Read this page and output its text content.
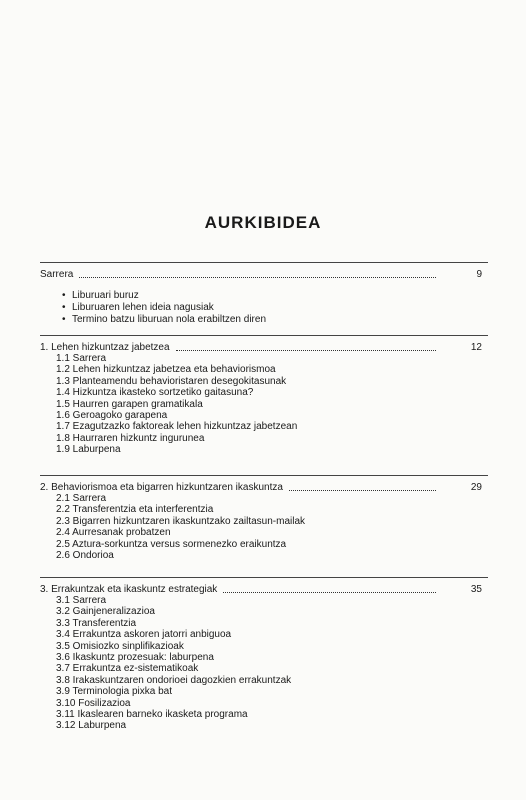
AURKIBIDEA
Sarrera	9
• Liburuari buruz
• Liburuaren lehen ideia nagusiak
• Termino batzu liburuan nola erabiltzen diren
1. Lehen hizkuntzaz jabetzea	12
1.1 Sarrera
1.2 Lehen hizkuntzaz jabetzea eta behaviorismoa
1.3 Planteamendu behavioristaren desegokitasunak
1.4 Hizkuntza ikasteko sortzetiko gaitasuna?
1.5 Haurren garapen gramatikala
1.6 Geroagoko garapena
1.7 Ezagutzazko faktoreak lehen hizkuntzaz jabetzean
1.8 Haurraren hizkuntz ingurunea
1.9 Laburpena
2. Behaviorismoa eta bigarren hizkuntzaren ikaskuntza	29
2.1 Sarrera
2.2 Transferentzia eta interferentzia
2.3 Bigarren hizkuntzaren ikaskuntzako zailtasun-mailak
2.4 Aurresanak probatzen
2.5 Aztura-sorkuntza versus sormenezko eraikuntza
2.6 Ondorioa
3. Errakuntzak eta ikaskuntz estrategiak	35
3.1 Sarrera
3.2 Gainjeneralizazioa
3.3 Transferentzia
3.4 Errakuntza askoren jatorri anbiguoa
3.5 Omisiozko sinplifikazioak
3.6 Ikaskuntz prozesuak: laburpena
3.7 Errakuntza ez-sistematikoak
3.8 Irakaskuntzaren ondorioei dagozkien errakuntzak
3.9 Terminologia pixka bat
3.10 Fosilizazioa
3.11 Ikaslearen barneko ikasketa programa
3.12 Laburpena
